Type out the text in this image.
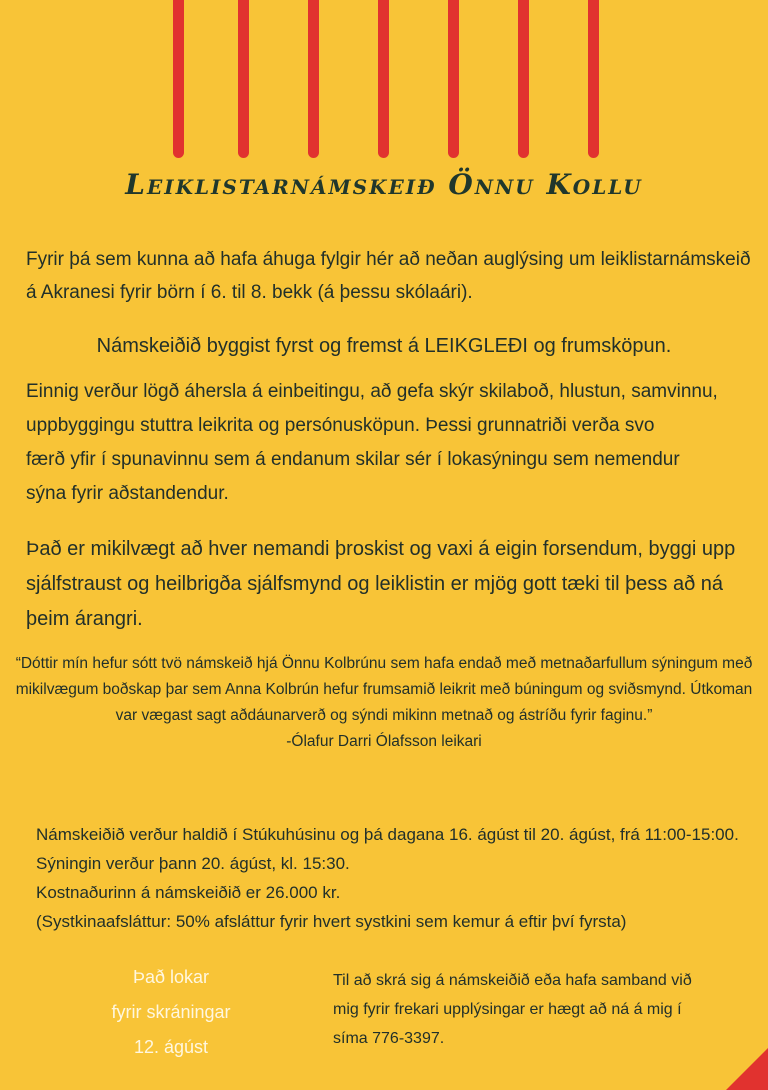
Leiklistarnámskeið Önnu Kollu
Fyrir þá sem kunna að hafa áhuga fylgir hér að neðan auglýsing um leiklistarnámskeið
á Akranesi fyrir börn í 6. til 8. bekk (á þessu skólaári).
Námskeiðið byggist fyrst og fremst á LEIKGLEÐI og frumsköpun.
Einnig verður lögð áhersla á einbeitingu, að gefa skýr skilaboð, hlustun, samvinnu,
uppbyggingu stuttra leikrita og persónusköpun. Þessi grunnatriði verða svo
færð yfir í spunavinnu sem á endanum skilar sér í lokasýningu sem nemendur
sýna fyrir aðstandendur.
Það er mikilvægt að hver nemandi þroskist og vaxi á eigin forsendum, byggi upp
sjálfstraust og heilbrigða sjálfsmynd og leiklistin er mjög gott tæki til þess að ná
þeim árangri.
“Dóttir mín hefur sótt tvö námskeið hjá Önnu Kolbrúnu sem hafa endað með metnaðarfullum sýningum með mikilvægum boðskap þar sem Anna Kolbrún hefur frumsamið leikrit með búningum og sviðsmynd. Útkoman var vægast sagt aðdáunarverð og sýndi mikinn metnað og ástríðu fyrir faginu.”
-Ólafur Darri Ólafsson leikari
Námskeiðið verður haldið í Stúkuhúsinu og þá dagana 16. ágúst til 20. ágúst, frá 11:00-15:00.
Sýningin verður þann 20. ágúst, kl. 15:30.
Kostnaðurinn á námskeiðið er 26.000 kr.
(Systkinaafsláttur: 50% afsláttur fyrir hvert systkini sem kemur á eftir því fyrsta)
Það lokar
fyrir skráningar
12. ágúst
Til að skrá sig á námskeiðið eða hafa samband við
mig fyrir frekari upplýsingar er hægt að ná á mig í
síma 776-3397.
